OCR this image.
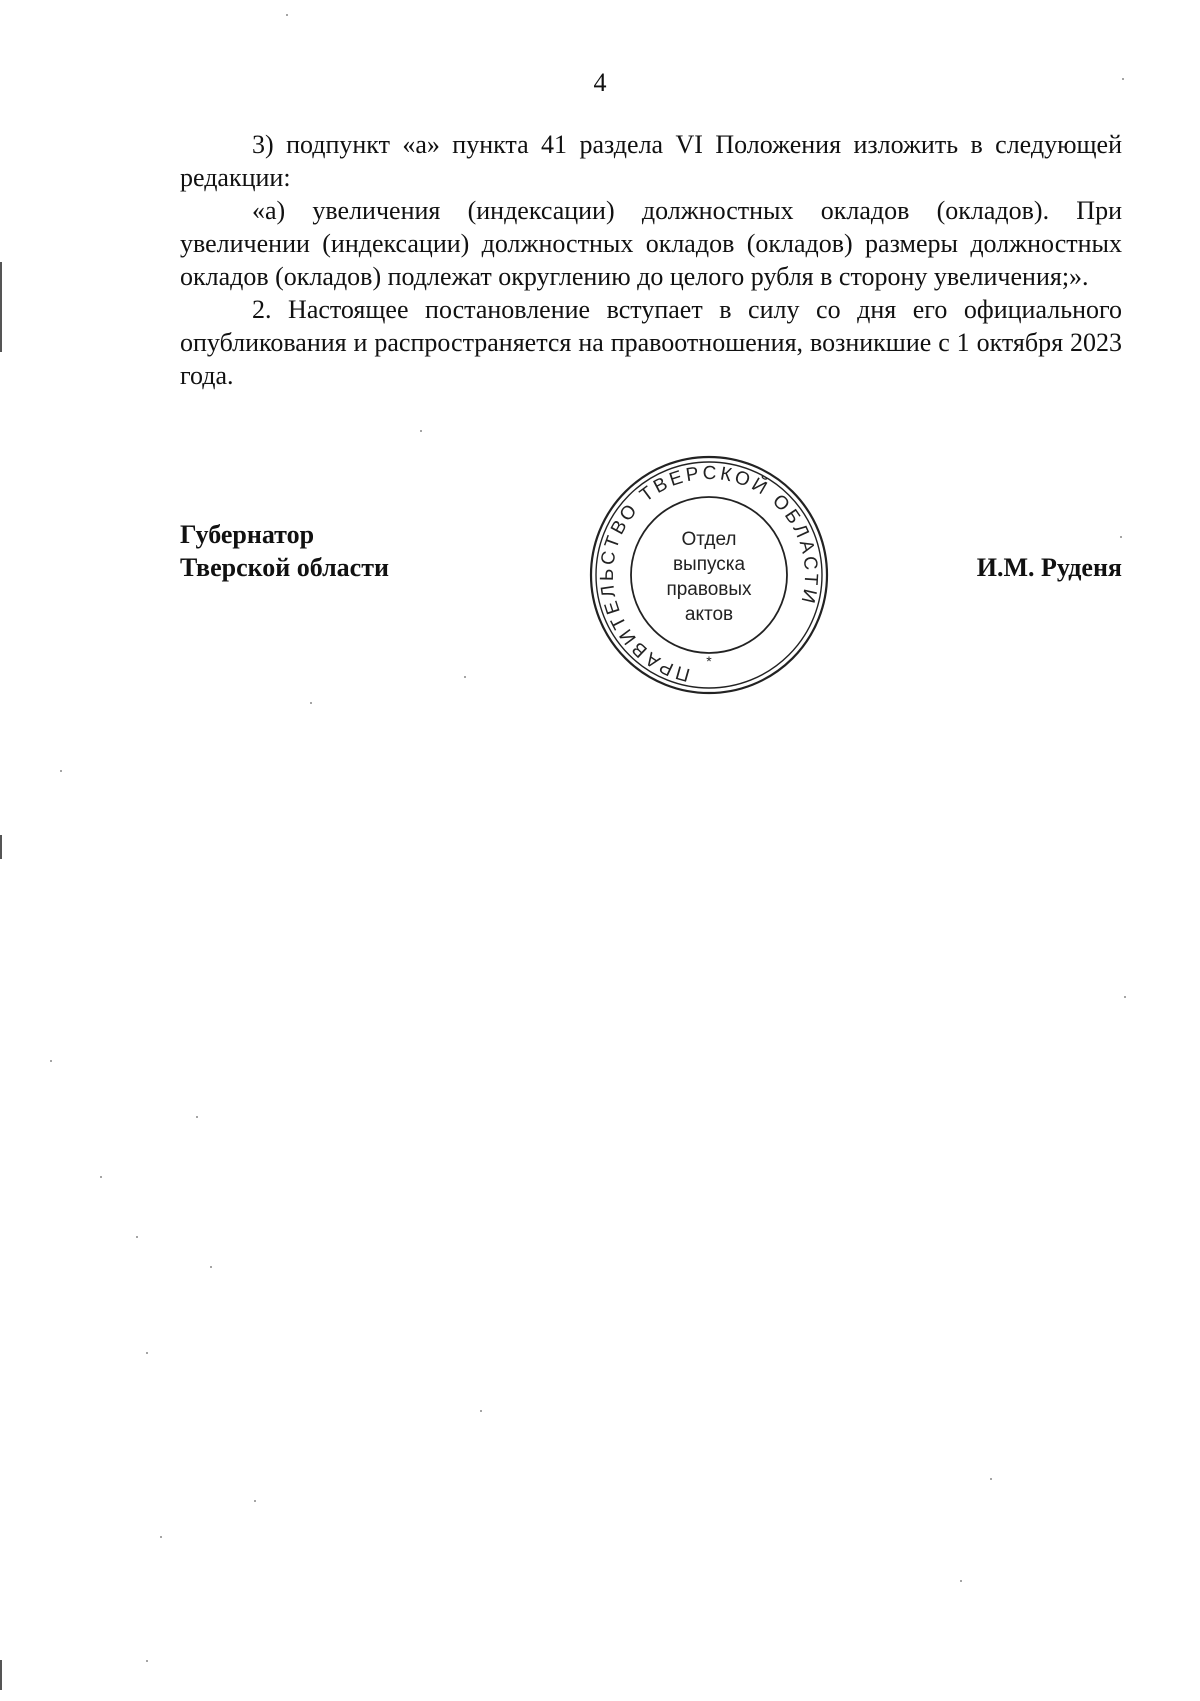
4

3) подпункт «а» пункта 41 раздела VI Положения изложить в следующей редакции:

«а) увеличения (индексации) должностных окладов (окладов). При увеличении (индексации) должностных окладов (окладов) размеры должностных окладов (окладов) подлежат округлению до целого рубля в сторону увеличения;».

2. Настоящее постановление вступает в силу со дня его официального опубликования и распространяется на правоотношения, возникшие с 1 октября 2023 года.

Губернатор
Тверской области
ПРАВИТЕЛЬСТВО ТВЕРСКОЙ ОБЛАСТИ
*
Отдел
выпуска
правовых
актов
И.М. Руденя
